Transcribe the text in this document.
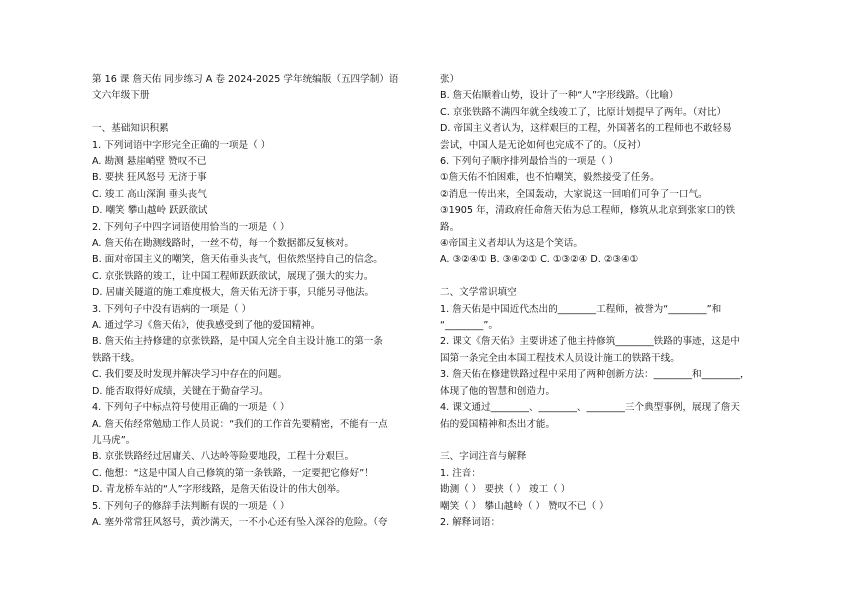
第 16 课 詹天佑 同步练习 A 卷 2024-2025 学年统编版（五四学制）语
文六年级下册
一、基础知识积累
1. 下列词语中字形完全正确的一项是（ ）
A. 勘测 悬崖峭壁 赞叹不已
B. 要挟 狂风怒号 无济于事
C. 竣工 高山深涧 垂头丧气
D. 嘲笑 攀山越岭 跃跃欲试
2. 下列句子中四字词语使用恰当的一项是（ ）
A. 詹天佑在勘测线路时，一丝不苟，每一个数据都反复核对。
B. 面对帝国主义的嘲笑，詹天佑垂头丧气，但依然坚持自己的信念。
C. 京张铁路的竣工，让中国工程师跃跃欲试，展现了强大的实力。
D. 居庸关隧道的施工难度极大，詹天佑无济于事，只能另寻他法。
3. 下列句子中没有语病的一项是（ ）
A. 通过学习《詹天佑》，使我感受到了他的爱国精神。
B. 詹天佑主持修建的京张铁路，是中国人完全自主设计施工的第一条
铁路干线。
C. 我们要及时发现并解决学习中存在的问题。
D. 能否取得好成绩，关键在于勤奋学习。
4. 下列句子中标点符号使用正确的一项是（ ）
A. 詹天佑经常勉励工作人员说：“我们的工作首先要精密，不能有一点
儿马虎”。
B. 京张铁路经过居庸关、八达岭等险要地段，工程十分艰巨。
C. 他想：“这是中国人自己修筑的第一条铁路，一定要把它修好”！
D. 青龙桥车站的“人”字形线路，是詹天佑设计的伟大创举。
5. 下列句子的修辞手法判断有误的一项是（ ）
A. 塞外常常狂风怒号，黄沙满天，一不小心还有坠入深谷的危险。（夸
张）
B. 詹天佑顺着山势，设计了一种“人”字形线路。（比喻）
C. 京张铁路不满四年就全线竣工了，比原计划提早了两年。（对比）
D. 帝国主义者认为，这样艰巨的工程，外国著名的工程师也不敢轻易
尝试，中国人是无论如何也完成不了的。（反衬）
6. 下列句子顺序排列最恰当的一项是（ ）
①詹天佑不怕困难，也不怕嘲笑，毅然接受了任务。
②消息一传出来，全国轰动，大家说这一回咱们可争了一口气。
③1905 年，清政府任命詹天佑为总工程师，修筑从北京到张家口的铁
路。
④帝国主义者却认为这是个笑话。
A. ③②④① B. ③④②① C. ①③②④ D. ②③④①
二、文学常识填空
1. 詹天佑是中国近代杰出的________工程师，被誉为“________”和
“________”。
2. 课文《詹天佑》主要讲述了他主持修筑________铁路的事迹，这是中
国第一条完全由本国工程技术人员设计施工的铁路干线。
3. 詹天佑在修建铁路过程中采用了两种创新方法：________和________，
体现了他的智慧和创造力。
4. 课文通过________、________、________三个典型事例，展现了詹天
佑的爱国精神和杰出才能。
三、字词注音与解释
1. 注音：
勘测（ ） 要挟（ ） 竣工（ ）
嘲笑（ ） 攀山越岭（ ） 赞叹不已（ ）
2. 解释词语：
